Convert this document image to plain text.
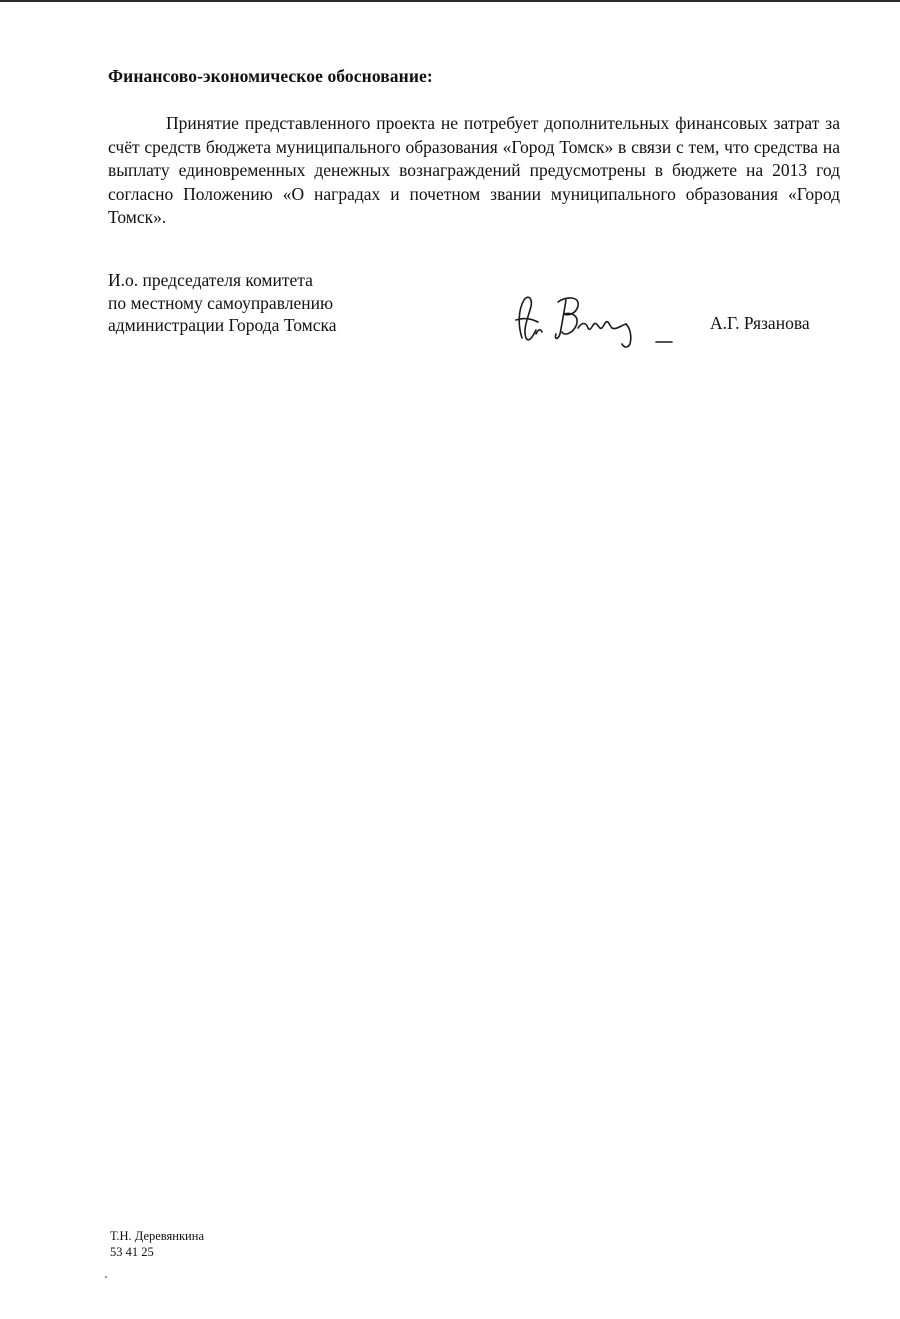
Финансово-экономическое обоснование:

Принятие представленного проекта не потребует дополнительных финансовых затрат за счёт средств бюджета муниципального образования «Город Томск» в связи с тем, что средства на выплату единовременных денежных вознаграждений предусмотрены в бюджете на 2013 год согласно Положению «О наградах и почетном звании муниципального образования «Город Томск».

И.о. председателя комитета
по местному самоуправлению
администрации Города Томска	А.Г. Рязанова
Т.Н. Деревянкина
53 41 25
